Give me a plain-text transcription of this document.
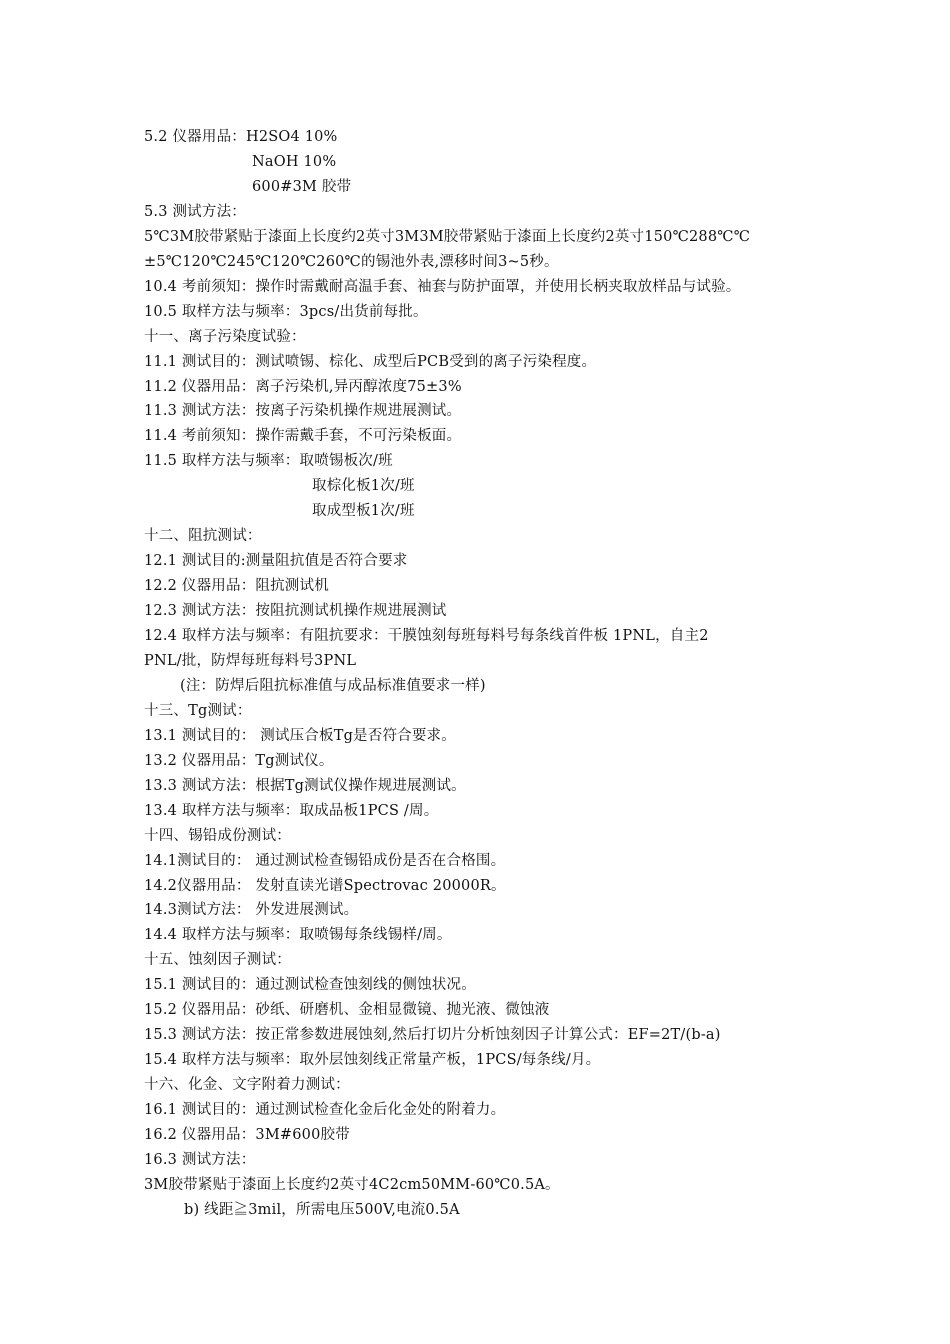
5.2 仪器用品：H2SO4 10%
NaOH 10%
600#3M 胶带
5.3 测试方法：
5℃3M胶带紧贴于漆面上长度约2英寸3M3M胶带紧贴于漆面上长度约2英寸150℃288℃℃
±5℃120℃245℃120℃260℃的锡池外表,漂移时间3~5秒。
10.4 考前须知：操作时需戴耐高温手套、袖套与防护面罩，并使用长柄夹取放样品与试验。
10.5 取样方法与频率：3pcs/出货前每批。
十一、离子污染度试验：
11.1 测试目的：测试喷锡、棕化、成型后PCB受到的离子污染程度。
11.2 仪器用品：离子污染机,异丙醇浓度75±3%
11.3 测试方法：按离子污染机操作规进展测试。
11.4 考前须知：操作需戴手套，不可污染板面。
11.5 取样方法与频率：取喷锡板次/班
取棕化板1次/班
取成型板1次/班
十二、阻抗测试：
12.1 测试目的:测量阻抗值是否符合要求
12.2 仪器用品：阻抗测试机
12.3 测试方法：按阻抗测试机操作规进展测试
12.4 取样方法与频率：有阻抗要求：干膜蚀刻每班每料号每条线首件板 1PNL，自主2
PNL/批，防焊每班每料号3PNL
(注：防焊后阻抗标准值与成品标准值要求一样)
十三、Tg测试：
13.1 测试目的： 测试压合板Tg是否符合要求。
13.2 仪器用品：Tg测试仪。
13.3 测试方法：根据Tg测试仪操作规进展测试。
13.4 取样方法与频率：取成品板1PCS /周。
十四、锡铅成份测试：
14.1测试目的： 通过测试检查锡铅成份是否在合格围。
14.2仪器用品： 发射直读光谱Spectrovac 20000R。
14.3测试方法： 外发进展测试。
14.4 取样方法与频率：取喷锡每条线锡样/周。
十五、蚀刻因子测试：
15.1 测试目的：通过测试检查蚀刻线的侧蚀状况。
15.2 仪器用品：砂纸、研磨机、金相显微镜、抛光液、微蚀液
15.3 测试方法：按正常参数进展蚀刻,然后打切片分析蚀刻因子计算公式：EF=2T/(b-a)
15.4 取样方法与频率：取外层蚀刻线正常量产板，1PCS/每条线/月。
十六、化金、文字附着力测试：
16.1 测试目的：通过测试检查化金后化金处的附着力。
16.2 仪器用品：3M#600胶带
16.3 测试方法：
3M胶带紧贴于漆面上长度约2英寸4C2cm50MM-60℃0.5A。
b) 线距≧3mil，所需电压500V,电流0.5A
